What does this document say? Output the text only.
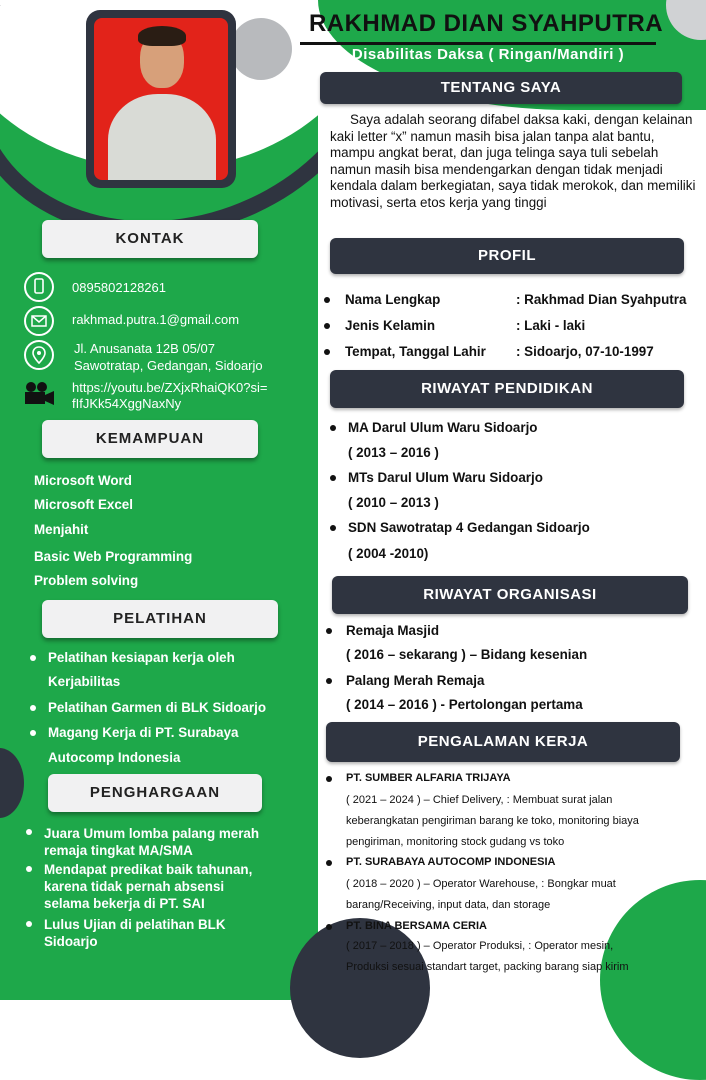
RAKHMAD DIAN SYAHPUTRA
Disabilitas Daksa ( Ringan/Mandiri )
TENTANG SAYA
Saya adalah seorang difabel daksa kaki, dengan kelainan kaki letter “x” namun masih bisa jalan tanpa alat bantu, mampu angkat berat, dan juga telinga saya tuli sebelah namun masih bisa mendengarkan dengan tidak menjadi kendala dalam berkegiatan, saya tidak merokok, dan memiliki motivasi, serta etos kerja yang tinggi
KONTAK
0895802128261
rakhmad.putra.1@gmail.com
Jl. Anusanata 12B 05/07
Sawotratap, Gedangan, Sidoarjo
https://youtu.be/ZXjxRhaiQK0?si=
fIfJKk54XggNaxNy
KEMAMPUAN
Microsoft Word
Microsoft Excel
Menjahit
Basic Web Programming
Problem solving
PELATIHAN
Pelatihan kesiapan kerja oleh
Kerjabilitas
Pelatihan Garmen di BLK Sidoarjo
Magang Kerja di PT. Surabaya
Autocomp Indonesia
PENGHARGAAN
Juara Umum lomba palang merah
remaja tingkat MA/SMA
Mendapat predikat baik tahunan,
karena tidak pernah absensi
selama bekerja di PT. SAI
Lulus Ujian di pelatihan BLK
Sidoarjo
PROFIL
Nama Lengkap	: Rakhmad Dian Syahputra
Jenis Kelamin	: Laki - laki
Tempat, Tanggal Lahir : Sidoarjo, 07-10-1997
RIWAYAT PENDIDIKAN
MA Darul Ulum Waru Sidoarjo
( 2013 – 2016 )
MTs Darul Ulum Waru Sidoarjo
( 2010 – 2013 )
SDN Sawotratap 4 Gedangan Sidoarjo
( 2004 -2010)
RIWAYAT ORGANISASI
Remaja Masjid
( 2016 – sekarang ) – Bidang kesenian
Palang Merah Remaja
( 2014 – 2016 ) - Pertolongan pertama
PENGALAMAN KERJA
PT. SUMBER ALFARIA TRIJAYA
( 2021 – 2024 ) – Chief Delivery, : Membuat surat jalan
keberangkatan pengiriman barang ke toko, monitoring biaya
pengiriman, monitoring stock gudang vs toko
PT. SURABAYA AUTOCOMP INDONESIA
( 2018 – 2020 ) – Operator Warehouse, : Bongkar muat
barang/Receiving, input data, dan storage
PT. BINA BERSAMA CERIA
( 2017 – 2018 ) – Operator Produksi, : Operator mesin,
Produksi sesuai standart target, packing barang siap kirim
